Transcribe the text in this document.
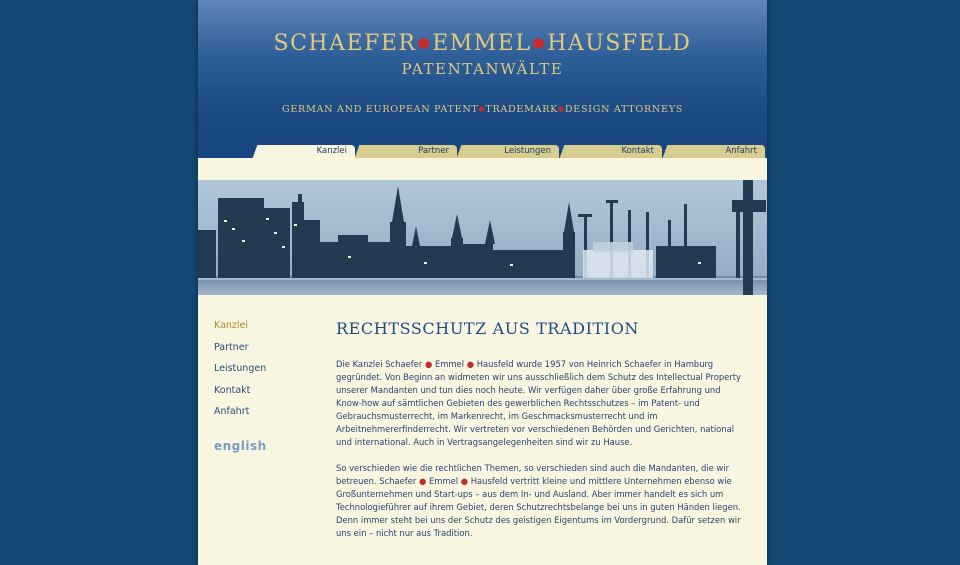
SCHAEFER●EMMEL●HAUSFELD
PATENTANWÄLTE
GERMAN AND EUROPEAN PATENT●TRADEMARK●DESIGN ATTORNEYS
Kanzlei	Partner	Leistungen	Kontakt	Anfahrt
Kanzlei
Partner
Leistungen
Kontakt
Anfahrt
english
RECHTSSCHUTZ AUS TRADITION
Die Kanzlei Schaefer ● Emmel ● Hausfeld wurde 1957 von Heinrich Schaefer in Hamburg gegründet. Von Beginn an widmeten wir uns ausschließlich dem Schutz des Intellectual Property unserer Mandanten und tun dies noch heute. Wir verfügen daher über große Erfahrung und Know-how auf sämtlichen Gebieten des gewerblichen Rechtsschutzes – im Patent- und Gebrauchsmusterrecht, im Markenrecht, im Geschmacksmusterrecht und im Arbeitnehmererfinderrecht. Wir vertreten vor verschiedenen Behörden und Gerichten, national und international. Auch in Vertragsangelegenheiten sind wir zu Hause.
So verschieden wie die rechtlichen Themen, so verschieden sind auch die Mandanten, die wir betreuen. Schaefer ● Emmel ● Hausfeld vertritt kleine und mittlere Unternehmen ebenso wie Großunternehmen und Start-ups – aus dem In- und Ausland. Aber immer handelt es sich um Technologieführer auf ihrem Gebiet, deren Schutzrechtsbelange bei uns in guten Händen liegen. Denn immer steht bei uns der Schutz des geistigen Eigentums im Vordergrund. Dafür setzen wir uns ein – nicht nur aus Tradition.
